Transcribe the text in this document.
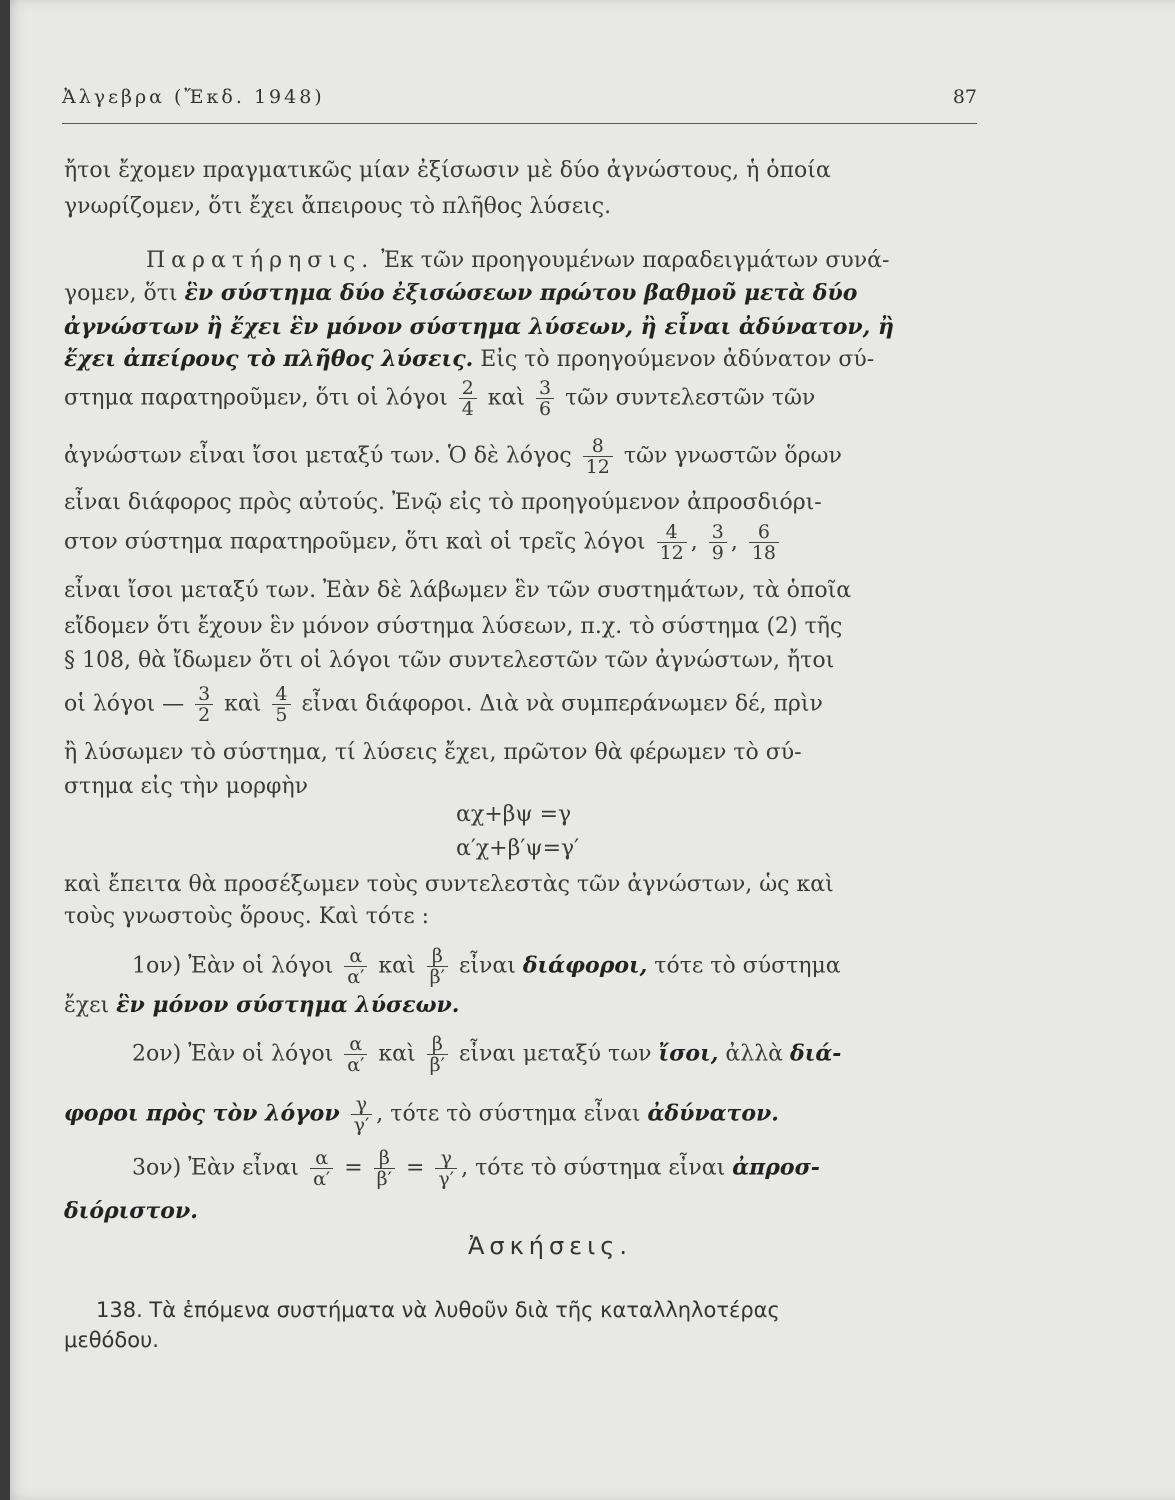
Ἀλγεβρα (Ἔκδ. 1948)	87
ἤτοι ἔχομεν πραγματικῶς μίαν ἐξίσωσιν μὲ δύο ἀγνώστους, ἡ ὁποία
γνωρίζομεν, ὅτι ἔχει ἄπειρους τὸ πλῆθος λύσεις.
Παρατήρησις. Ἐκ τῶν προηγουμένων παραδειγμάτων συνά-
γομεν, ὅτι ἓν σύστημα δύο ἐξισώσεων πρώτου βαθμοῦ μετὰ δύο
ἀγνώστων ἢ ἔχει ἓν μόνον σύστημα λύσεων, ἢ εἶναι ἀδύνατον, ἢ
ἔχει ἀπείρους τὸ πλῆθος λύσεις. Εἰς τὸ προηγούμενον ἀδύνατον σύ-
στημα παρατηροῦμεν, ὅτι οἱ λόγοι $\frac{2}{4}$ καὶ $\frac{3}{6}$ τῶν συντελεστῶν τῶν
ἀγνώστων εἶναι ἴσοι μεταξύ των. Ὁ δὲ λόγος $\frac{8}{12}$ τῶν γνωστῶν ὅρων
εἶναι διάφορος πρὸς αὐτούς. Ἐνῷ εἰς τὸ προηγούμενον ἀπροσδιόρι-
στον σύστημα παρατηροῦμεν, ὅτι καὶ οἱ τρεῖς λόγοι $\frac{4}{12}$ , $\frac{3}{9}$ , $\frac{6}{18}$
εἶναι ἴσοι μεταξύ των. Ἐὰν δὲ λάβωμεν ἓν τῶν συστημάτων, τὰ ὁποῖα
εἴδομεν ὅτι ἔχουν ἓν μόνον σύστημα λύσεων, π.χ. τὸ σύστημα (2) τῆς
§ 108, θὰ ἴδωμεν ὅτι οἱ λόγοι τῶν συντελεστῶν τῶν ἀγνώστων, ἤτοι
οἱ λόγοι — $\frac{3}{2}$ καὶ $\frac{4}{5}$ εἶναι διάφοροι. Διὰ νὰ συμπεράνωμεν δέ, πρὶν
ἢ λύσωμεν τὸ σύστημα, τί λύσεις ἔχει, πρῶτον θὰ φέρωμεν τὸ σύ-
στημα εἰς τὴν μορφὴν
αχ+βψ =γ
α′χ+β′ψ=γ′
καὶ ἔπειτα θὰ προσέξωμεν τοὺς συντελεστὰς τῶν ἀγνώστων, ὡς καὶ
τοὺς γνωστοὺς ὅρους. Καὶ τότε :
1ον) Ἐὰν οἱ λόγοι $\frac{\alpha}{\alpha'}$ καὶ $\frac{\beta}{\beta'}$ εἶναι διάφοροι, τότε τὸ σύστημα
ἔχει ἓν μόνον σύστημα λύσεων.
2ον) Ἐὰν οἱ λόγοι $\frac{\alpha}{\alpha'}$ καὶ $\frac{\beta}{\beta'}$ εἶναι μεταξύ των ἴσοι, ἀλλὰ διά-
φοροι πρὸς τὸν λόγον $\frac{\gamma}{\gamma'}$ , τότε τὸ σύστημα εἶναι ἀδύνατον.
3ον) Ἐὰν εἶναι $\frac{\alpha}{\alpha'} = \frac{\beta}{\beta'} = \frac{\gamma}{\gamma'}$ , τότε τὸ σύστημα εἶναι ἀπροσ-
διόριστον.
Ἀσκήσεις.
138. Τὰ ἑπόμενα συστήματα νὰ λυθοῦν διὰ τῆς καταλληλοτέρας
μεθόδου.
